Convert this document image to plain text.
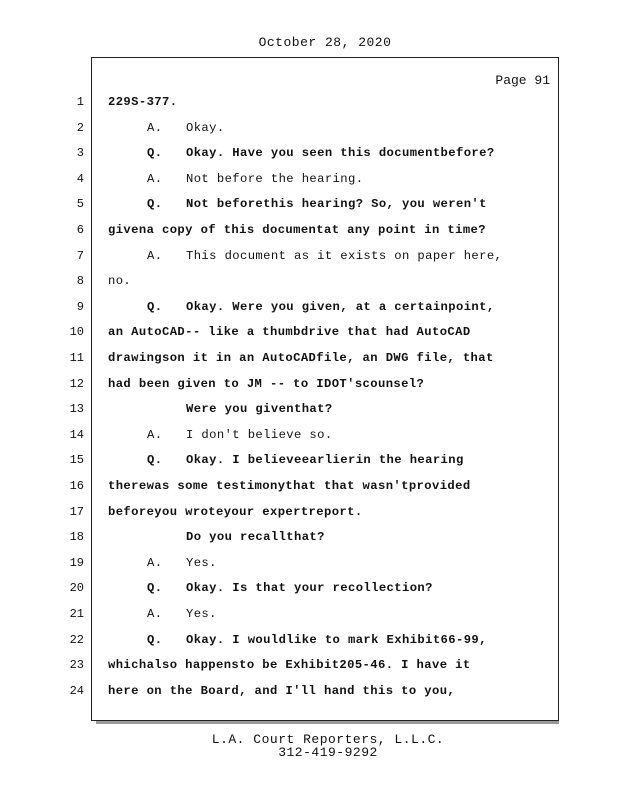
October 28, 2020
Page 91
1 229S-377.
2	A.	Okay.
3	Q.	Okay. Have you seen this documentbefore?
4	A.	Not before the hearing.
5	Q.	Not beforethis hearing? So, you weren't
6 givena copy of this documentat any point in time?
7	A.	This document as it exists on paper here,
8 no.
9	Q.	Okay. Were you given, at a certainpoint,
10 an AutoCAD-- like a thumbdrive that had AutoCAD
11 drawingson it in an AutoCADfile, an DWG file, that
12 had been given to JM -- to IDOT'scounsel?
13	Were you giventhat?
14	A.	I don't believe so.
15	Q.	Okay. I believeearlierin the hearing
16 therewas some testimonythat that wasn'tprovided
17 beforeyou wroteyour expertreport.
18	Do you recallthat?
19	A.	Yes.
20	Q.	Okay. Is that your recollection?
21	A.	Yes.
22	Q.	Okay. I wouldlike to mark Exhibit66-99,
23 whichalso happensto be Exhibit205-46. I have it
24 here on the Board, and I'll hand this to you,
L.A. Court Reporters, L.L.C.
312-419-9292
